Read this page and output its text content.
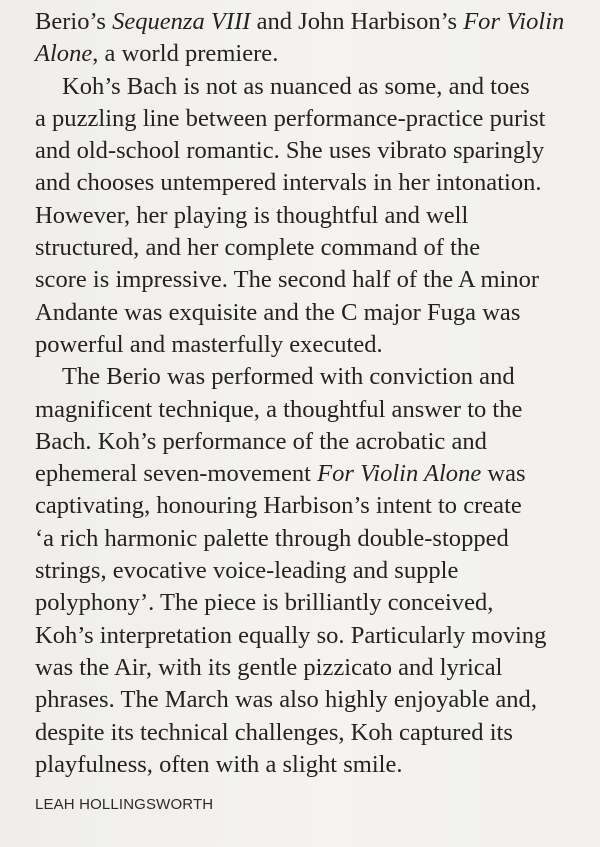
Berio’s Sequenza VIII and John Harbison’s For Violin
Alone, a world premiere.
Koh’s Bach is not as nuanced as some, and toes
a puzzling line between performance-practice purist
and old-school romantic. She uses vibrato sparingly
and chooses untempered intervals in her intonation.
However, her playing is thoughtful and well
structured, and her complete command of the
score is impressive. The second half of the A minor
Andante was exquisite and the C major Fuga was
powerful and masterfully executed.
The Berio was performed with conviction and
magnificent technique, a thoughtful answer to the
Bach. Koh’s performance of the acrobatic and
ephemeral seven-movement For Violin Alone was
captivating, honouring Harbison’s intent to create
‘a rich harmonic palette through double-stopped
strings, evocative voice-leading and supple
polyphony’. The piece is brilliantly conceived,
Koh’s interpretation equally so. Particularly moving
was the Air, with its gentle pizzicato and lyrical
phrases. The March was also highly enjoyable and,
despite its technical challenges, Koh captured its
playfulness, often with a slight smile.
LEAH HOLLINGSWORTH
